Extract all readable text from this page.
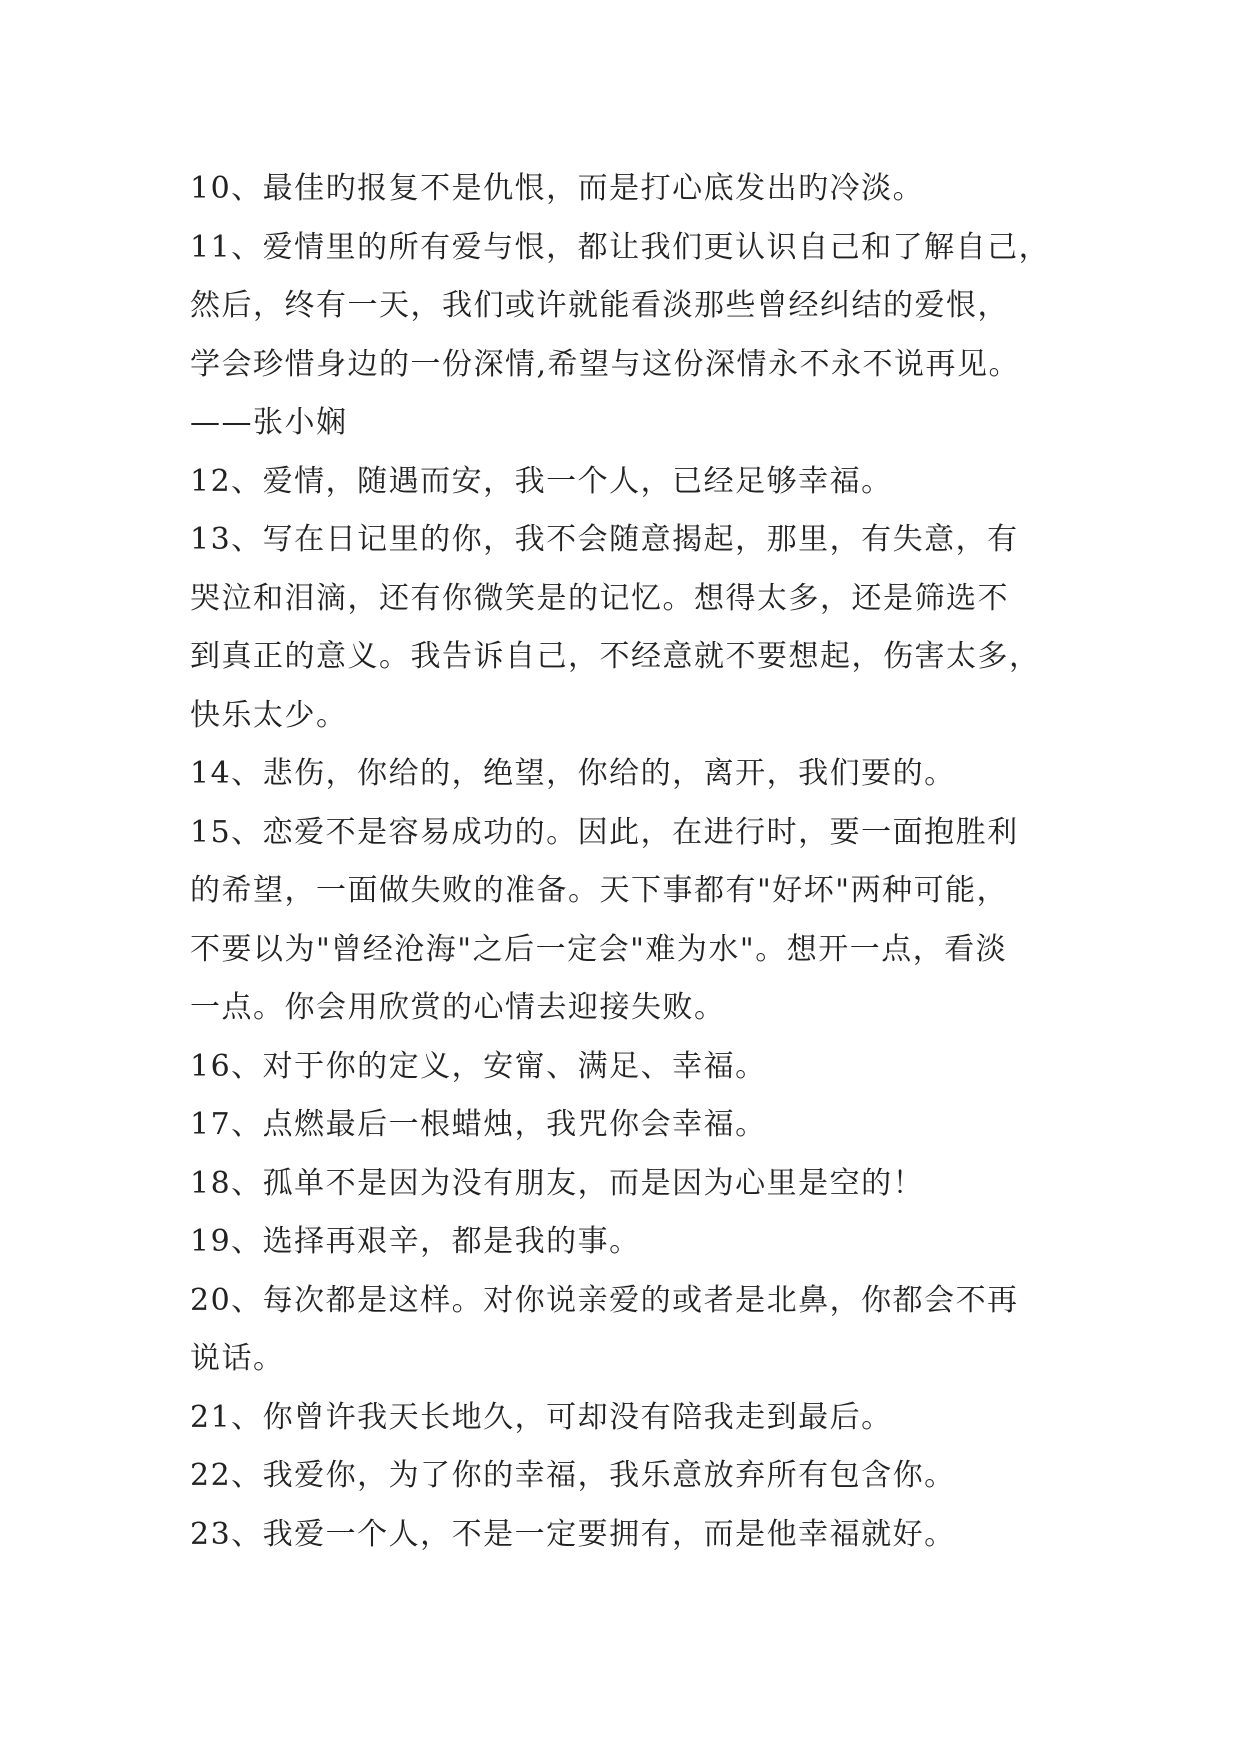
10、最佳旳报复不是仇恨，而是打心底发出旳冷淡。
11、爱情里的所有爱与恨，都让我们更认识自己和了解自己，
然后，终有一天，我们或许就能看淡那些曾经纠结的爱恨，
学会珍惜身边的一份深情,希望与这份深情永不永不说再见。
——张小娴
12、爱情，随遇而安，我一个人，已经足够幸福。
13、写在日记里的你，我不会随意揭起，那里，有失意，有
哭泣和泪滴，还有你微笑是的记忆。想得太多，还是筛选不
到真正的意义。我告诉自己，不经意就不要想起，伤害太多，
快乐太少。
14、悲伤，你给的，绝望，你给的，离开，我们要的。
15、恋爱不是容易成功的。因此，在进行时，要一面抱胜利
的希望，一面做失败的准备。天下事都有"好坏"两种可能，
不要以为"曾经沧海"之后一定会"难为水"。想开一点，看淡
一点。你会用欣赏的心情去迎接失败。
16、对于你的定义，安甯、满足、幸福。
17、点燃最后一根蜡烛，我咒你会幸福。
18、孤单不是因为没有朋友，而是因为心里是空的！
19、选择再艰辛，都是我的事。
20、每次都是这样。对你说亲爱的或者是北鼻，你都会不再
说话。
21、你曾许我天长地久，可却没有陪我走到最后。
22、我爱你，为了你的幸福，我乐意放弃所有包含你。
23、我爱一个人，不是一定要拥有，而是他幸福就好。
